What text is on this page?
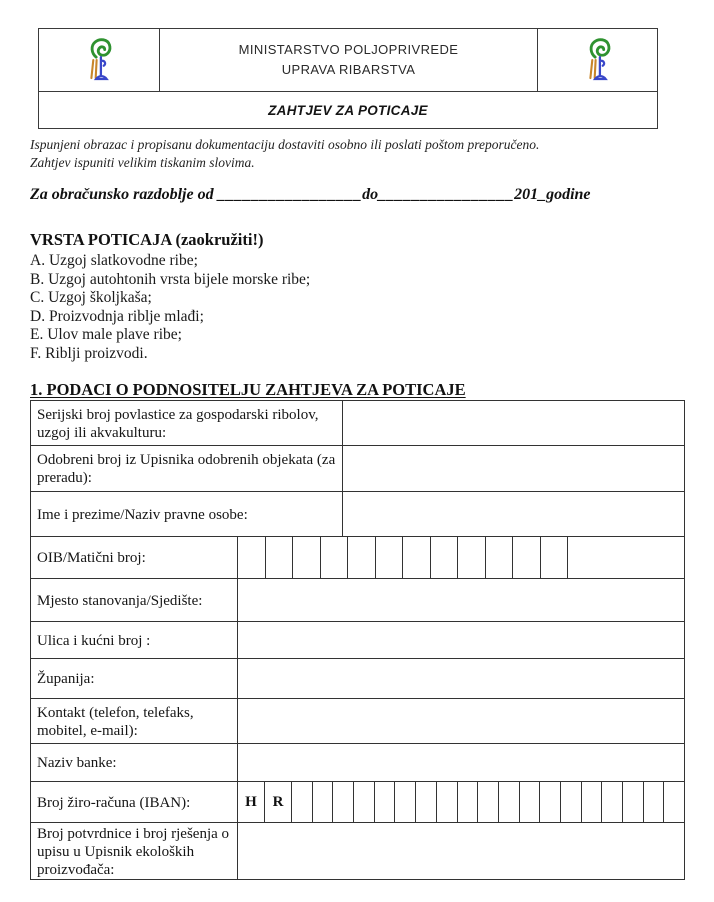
MINISTARSTVO POLJOPRIVREDE
UPRAVA RIBARSTVA
ZAHTJEV ZA POTICAJE
Ispunjeni obrazac i propisanu dokumentaciju dostaviti osobno ili poslati poštom preporučeno.
Zahtjev ispuniti velikim tiskanim slovima.
Za obračunsko razdoblje od _________________do________________201_godine
VRSTA POTICAJA (zaokružiti!)
A. Uzgoj slatkovodne ribe;
B. Uzgoj autohtonih vrsta bijele morske ribe;
C. Uzgoj školjkaša;
D. Proizvodnja riblje mlađi;
E. Ulov male plave ribe;
F. Riblji proizvodi.
1. PODACI O PODNOSITELJU ZAHTJEVA ZA POTICAJE
Serijski broj povlastice za gospodarski ribolov, uzgoj ili akvakulturu:
Odobreni broj iz Upisnika odobrenih objekata (za preradu):
Ime i prezime/Naziv pravne osobe:
OIB/Matični broj:
Mjesto stanovanja/Sjedište:
Ulica i kućni broj :
Županija:
Kontakt (telefon, telefaks, mobitel, e-mail):
Naziv banke:
Broj žiro-računa (IBAN):	H	R
Broj potvrdnice i broj rješenja o upisu u Upisnik ekoloških proizvođača:
